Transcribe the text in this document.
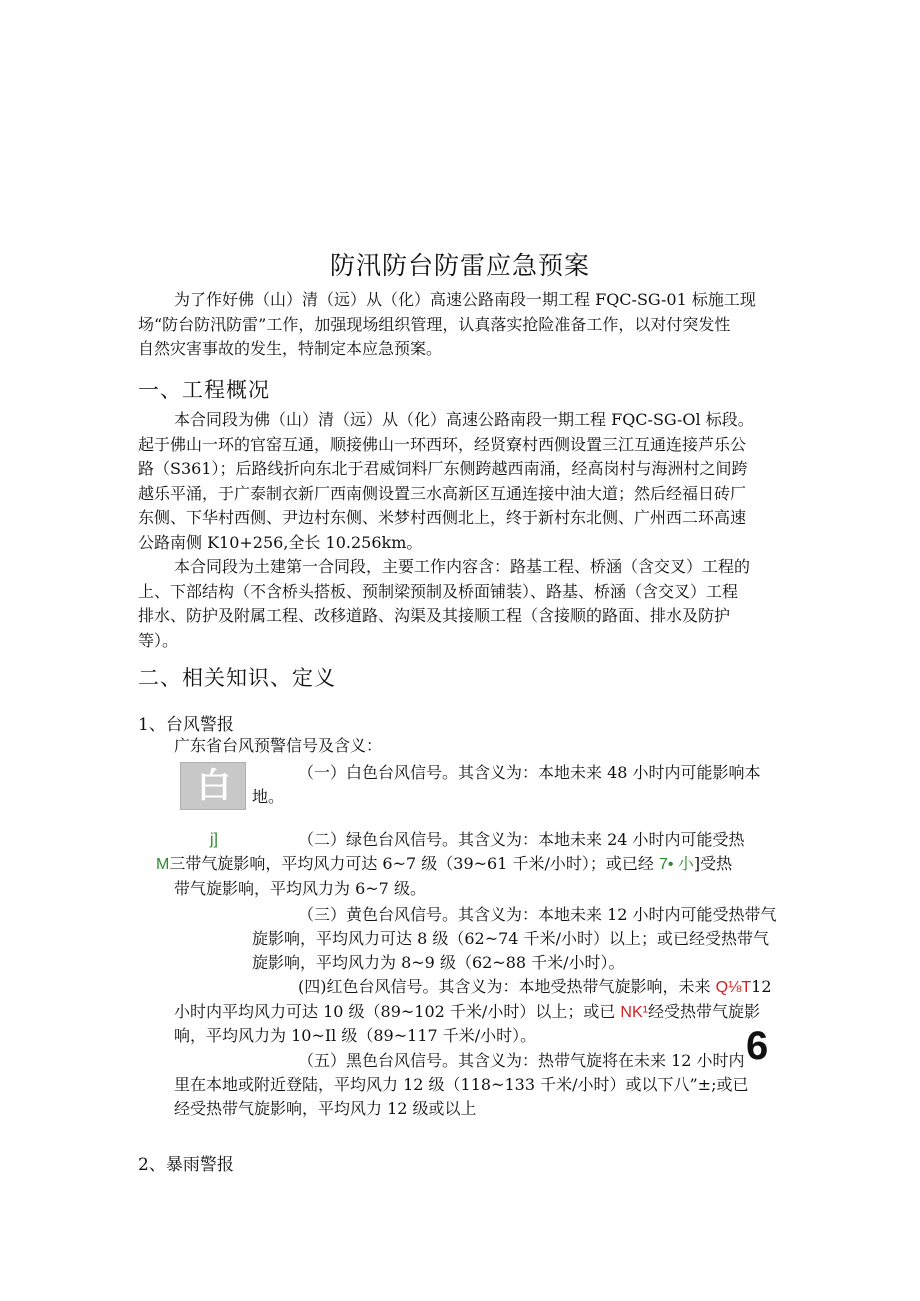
防汛防台防雷应急预案
为了作好佛（山）清（远）从（化）高速公路南段一期工程 FQC-SG-01 标施工现
场“防台防汛防雷”工作，加强现场组织管理，认真落实抢险准备工作，以对付突发性
自然灾害事故的发生，特制定本应急预案。
一、工程概况
本合同段为佛（山）清（远）从（化）高速公路南段一期工程 FQC-SG-Ol 标段。
起于佛山一环的官窑互通，顺接佛山一环西环，经贤寮村西侧设置三江互通连接芦乐公
路（S361）；后路线折向东北于君威饲料厂东侧跨越西南涌，经高岗村与海洲村之间跨
越乐平涌，于广泰制衣新厂西南侧设置三水高新区互通连接中油大道；然后经福日砖厂
东侧、下华村西侧、尹边村东侧、米梦村西侧北上，终于新村东北侧、广州西二环高速
公路南侧 K10+256,全长 10.256km。
本合同段为土建第一合同段，主要工作内容含：路基工程、桥涵（含交叉）工程的
上、下部结构（不含桥头搭板、预制梁预制及桥面铺装）、路基、桥涵（含交叉）工程
排水、防护及附属工程、改移道路、沟渠及其接顺工程（含接顺的路面、排水及防护
等）。
二、相关知识、定义
1、台风警报
广东省台风预警信号及含义：
白	（一）白色台风信号。其含义为：本地未来 48 小时内可能影响本
地。
j]	（二）绿色台风信号。其含义为：本地未来 24 小时内可能受热
M三带气旋影响，平均风力可达 6~7 级（39~61 千米/小时）；或已经 7• 小]受热
带气旋影响，平均风力为 6~7 级。
（三）黄色台风信号。其含义为：本地未来 12 小时内可能受热带气
旋影响，平均风力可达 8 级（62~74 千米/小时）以上；或已经受热带气
旋影响，平均风力为 8~9 级（62~88 千米/小时）。
(四)红色台风信号。其含义为：本地受热带气旋影响，未来 Q⅛T12
小时内平均风力可达 10 级（89~102 千米/小时）以上；或已 NK¹经受热带气旋影
响，平均风力为 10~Il 级（89~117 千米/小时）。
（五）黑色台风信号。其含义为：热带气旋将在未来 12 小时内 6
里在本地或附近登陆，平均风力 12 级（118~133 千米/小时）或以下八”±;或已
经受热带气旋影响，平均风力 12 级或以上
2、暴雨警报
